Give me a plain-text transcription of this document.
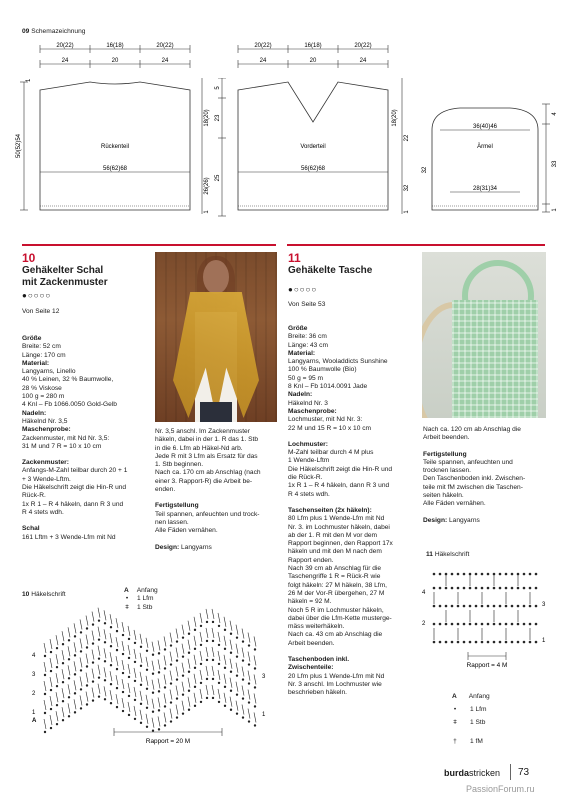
09 Schemazeichnung
20(22)	16(18)	20(22)
24	20	24
Rückenteil
56(62)68
50(52)54
1
18(20)
26(26)
1
5
23
25
20(22)	16(18)	20(22)
24	20	24
Vorderteil
56(62)68
18(20)
22
32
1
36(40)46
Ärmel
28(31)34
4
33
1
32
10
Gehäkelter Schal
mit Zackenmuster
●○○○○
Von Seite 12

Größe

Breite: 52 cm

Länge: 170 cm

Material:

Langyarns, Linello

40 % Leinen, 32 % Baumwolle,

28 % Viskose

100 g = 280 m

4 Knl – Fb 1066.0050 Gold-Gelb

Nadeln:

Häkelnd Nr. 3,5

Maschenprobe:

Zackenmuster, mit Nd Nr. 3,5:

31 M und 7 R = 10 x 10 cm

Zackenmuster:

Anfangs-M-Zahl teilbar durch 20 + 1

+ 3 Wende-Lftm.

Die Häkelschrift zeigt die Hin-R und

Rück-R.

1x R 1 – R 4 häkeln, dann R 3 und

R 4 stets wdh.

Schal

161 Lftm + 3 Wende-Lfm mit Nd

Nr. 3,5 anschl. Im Zackenmuster

häkeln, dabei in der 1. R das 1. Stb

in die 6. Lfm ab Häkel-Nd arb.

Jede R mit 3 Lfm als Ersatz für das

1. Stb beginnen.

Nach ca. 170 cm ab Anschlag (nach

einer 3. Rapport-R) die Arbeit be-

enden.

Fertigstellung

Teil spannen, anfeuchten und trock-

nen lassen.

Alle Fäden vernähen.

Design: Langyarns

10 Häkelschrift
A Anfang
• 1 Lfm
ǂ 1 Stb
Rapport = 20 M
4
3
2
1
3
1
A
11
Gehäkelte Tasche
●○○○○
Von Seite 53

Größe

Breite: 36 cm

Länge: 43 cm

Material:

Langyarns, Wooladdicts Sunshine

100 % Baumwolle (Bio)

50 g = 95 m

8 Knl – Fb 1014.0091 Jade

Nadeln:

Häkelnd Nr. 3

Maschenprobe:

Lochmuster, mit Nd Nr. 3:

22 M und 15 R = 10 x 10 cm

Lochmuster:

M-Zahl teilbar durch 4 M plus

1 Wende-Lftm

Die Häkelschrift zeigt die Hin-R und

die Rück-R.

1x R 1 – R 4 häkeln, dann R 3 und

R 4 stets wdh.

Taschenseiten (2x häkeln):

80 Lfm plus 1 Wende-Lfm mit Nd

Nr. 3. im Lochmuster häkeln, dabei

ab der 1. R mit den M vor dem

Rapport beginnen, den Rapport 17x

häkeln und mit den M nach dem

Rapport enden.

Nach 39 cm ab Anschlag für die

Taschengriffe 1 R = Rück-R wie

folgt häkeln: 27 M häkeln, 38 Lfm,

26 M der Vor-R übergehen, 27 M

häkeln = 92 M.

Noch 5 R im Lochmuster häkeln,

dabei über die Lfm-Kette musterge-

mäss weiterhäkeln.

Nach ca. 43 cm ab Anschlag die

Arbeit beenden.

Taschenboden inkl.

Zwischenteile:

20 Lfm plus 1 Wende-Lfm mit Nd

Nr. 3 anschl. Im Lochmuster wie

beschrieben häkeln.

Nach ca. 120 cm ab Anschlag die

Arbeit beenden.

Fertigstellung

Teile spannen, anfeuchten und

trocknen lassen.

Den Taschenboden inkl. Zwischen-

teile mit fM zwischen die Taschen-

seiten häkeln.

Alle Fäden vernähen.

Design: Langyarns

11 Häkelschrift
Rapport = 4 M
4
2
3
1
A Anfang
• 1 Lfm
ǂ 1 Stb
† 1 fM
burdastricken 73
PassionForum.ru
